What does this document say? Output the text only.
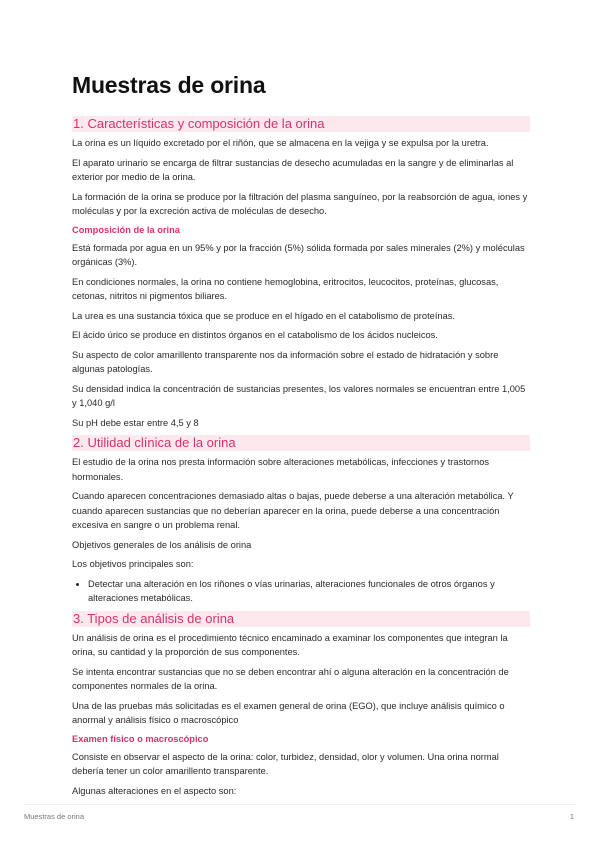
Muestras de orina
1. Características y composición de la orina

La orina es un líquido excretado por el riñón, que se almacena en la vejiga y se expulsa por la uretra.

El aparato urinario se encarga de filtrar sustancias de desecho acumuladas en la sangre y de eliminarlas al exterior por medio de la orina.

La formación de la orina se produce por la filtración del plasma sanguíneo, por la reabsorción de agua, iones y moléculas y por la excreción activa de moléculas de desecho.

Composición de la orina

Está formada por agua en un 95% y por la fracción (5%) sólida formada por sales minerales (2%) y moléculas orgánicas (3%).

En condiciones normales, la orina no contiene hemoglobina, eritrocitos, leucocitos, proteínas, glucosas, cetonas, nitritos ni pigmentos biliares.

La urea es una sustancia tóxica que se produce en el hígado en el catabolismo de proteínas.

El ácido úrico se produce en distintos órganos en el catabolismo de los ácidos nucleicos.

Su aspecto de color amarillento transparente nos da información sobre el estado de hidratación y sobre algunas patologías.

Su densidad indica la concentración de sustancias presentes, los valores normales se encuentran entre 1,005 y 1,040 g/l

Su pH debe estar entre 4,5 y 8

2. Utilidad clínica de la orina

El estudio de la orina nos presta información sobre alteraciones metabólicas, infecciones y trastornos hormonales.

Cuando aparecen concentraciones demasiado altas o bajas, puede deberse a una alteración metabólica. Y cuando aparecen sustancias que no deberían aparecer en la orina, puede deberse a una concentración excesiva en sangre o un problema renal.

Objetivos generales de los análisis de orina

Los objetivos principales son:

• Detectar una alteración en los riñones o vías urinarias, alteraciones funcionales de otros órganos y alteraciones metabólicas.
3. Tipos de análisis de orina

Un análisis de orina es el procedimiento técnico encaminado a examinar los componentes que integran la orina, su cantidad y la proporción de sus componentes.

Se intenta encontrar sustancias que no se deben encontrar ahí o alguna alteración en la concentración de componentes normales de la orina.

Una de las pruebas más solicitadas es el examen general de orina (EGO), que incluye análisis químico o anormal y análisis físico o macroscópico

Examen físico o macroscópico

Consiste en observar el aspecto de la orina: color, turbidez, densidad, olor y volumen. Una orina normal debería tener un color amarillento transparente.

Algunas alteraciones en el aspecto son:

Muestras de orina	1
